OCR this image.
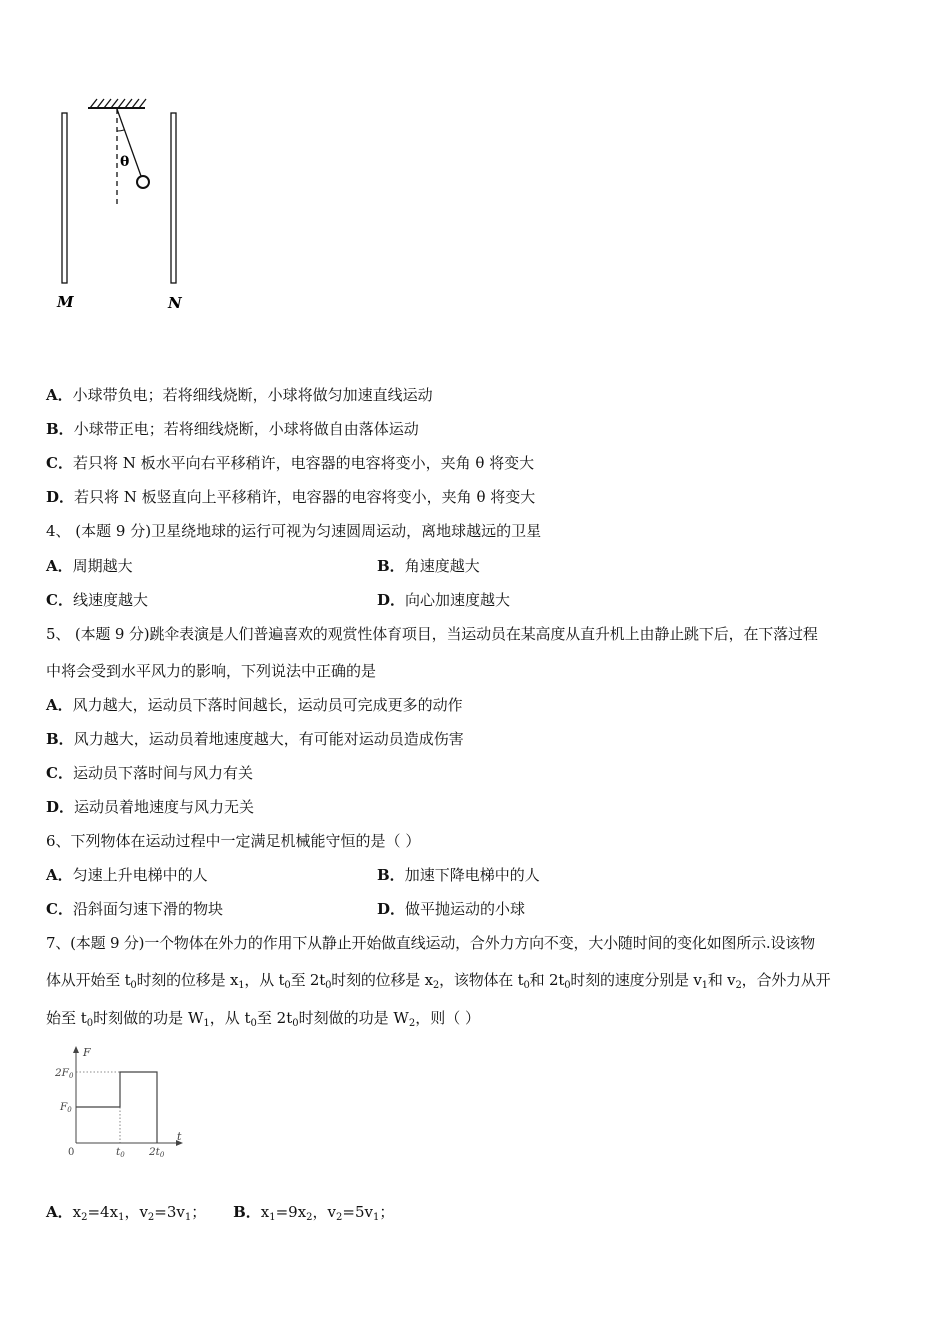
θ
M	N
A．小球带负电；若将细线烧断，小球将做匀加速直线运动
B．小球带正电；若将细线烧断，小球将做自由落体运动
C．若只将 N 板水平向右平移稍许，电容器的电容将变小，夹角 θ 将变大
D．若只将 N 板竖直向上平移稍许，电容器的电容将变小，夹角 θ 将变大
4、 (本题 9 分)卫星绕地球的运行可视为匀速圆周运动，离地球越远的卫星
A．周期越大	B．角速度越大
C．线速度越大	D．向心加速度越大
5、 (本题 9 分)跳伞表演是人们普遍喜欢的观赏性体育项目，当运动员在某高度从直升机上由静止跳下后，在下落过程
中将会受到水平风力的影响，下列说法中正确的是
A．风力越大，运动员下落时间越长，运动员可完成更多的动作
B．风力越大，运动员着地速度越大，有可能对运动员造成伤害
C．运动员下落时间与风力有关
D．运动员着地速度与风力无关
6、下列物体在运动过程中一定满足机械能守恒的是（ ）
A．匀速上升电梯中的人	B．加速下降电梯中的人
C．沿斜面匀速下滑的物块	D．做平抛运动的小球
7、(本题 9 分)一个物体在外力的作用下从静止开始做直线运动，合外力方向不变，大小随时间的变化如图所示.设该物
体从开始至 $t_0$时刻的位移是 $x_1$，从 $t_0$至 $2t_0$时刻的位移是 $x_2$，该物体在 $t_0$和 $2t_0$时刻的速度分别是 $v_1$和 $v_2$，合外力从开
始至 $t_0$时刻做的功是 $W_1$，从 $t_0$至 $2t_0$时刻做的功是 $W_2$，则（ ）
F
t
2F0
F0
0	t0 2t0
A．$x_2=4x_1$，$v_2=3v_1$； B．$x_1=9x_2$，$v_2=5v_1$；
